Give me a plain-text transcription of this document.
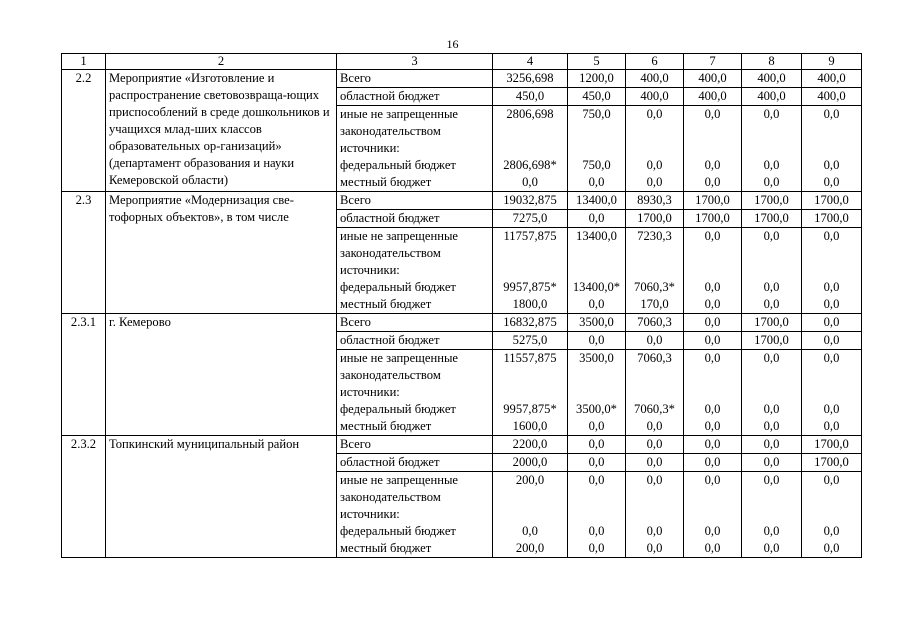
16
1	2	3	4	5	6	7	8	9
2.2	Мероприятие «Изготовление и распространение световозвраща-ющих приспособлений в среде дошкольников и учащихся млад-ших классов образовательных ор-ганизаций» (департамент образования и науки Кемеровской области)	Всего	3256,698	1200,0	400,0	400,0	400,0	400,0
		областной бюджет	450,0	450,0	400,0	400,0	400,0	400,0
		иные не запрещенные законодательством источники:	2806,698	750,0	0,0	0,0	0,0	0,0
		федеральный бюджет	2806,698*	750,0	0,0	0,0	0,0	0,0
		местный бюджет	0,0	0,0	0,0	0,0	0,0	0,0
2.3	Мероприятие «Модернизация све-тофорных объектов», в том числе	Всего	19032,875	13400,0	8930,3	1700,0	1700,0	1700,0
		областной бюджет	7275,0	0,0	1700,0	1700,0	1700,0	1700,0
		иные не запрещенные законодательством источники:	11757,875	13400,0	7230,3	0,0	0,0	0,0
		федеральный бюджет	9957,875*	13400,0*	7060,3*	0,0	0,0	0,0
		местный бюджет	1800,0	0,0	170,0	0,0	0,0	0,0
2.3.1	г. Кемерово	Всего	16832,875	3500,0	7060,3	0,0	1700,0	0,0
		областной бюджет	5275,0	0,0	0,0	0,0	1700,0	0,0
		иные не запрещенные законодательством источники:	11557,875	3500,0	7060,3	0,0	0,0	0,0
		федеральный бюджет	9957,875*	3500,0*	7060,3*	0,0	0,0	0,0
		местный бюджет	1600,0	0,0	0,0	0,0	0,0	0,0
2.3.2	Топкинский муниципальный район	Всего	2200,0	0,0	0,0	0,0	0,0	1700,0
		областной бюджет	2000,0	0,0	0,0	0,0	0,0	1700,0
		иные не запрещенные законодательством источники:	200,0	0,0	0,0	0,0	0,0	0,0
		федеральный бюджет	0,0	0,0	0,0	0,0	0,0	0,0
		местный бюджет	200,0	0,0	0,0	0,0	0,0	0,0
